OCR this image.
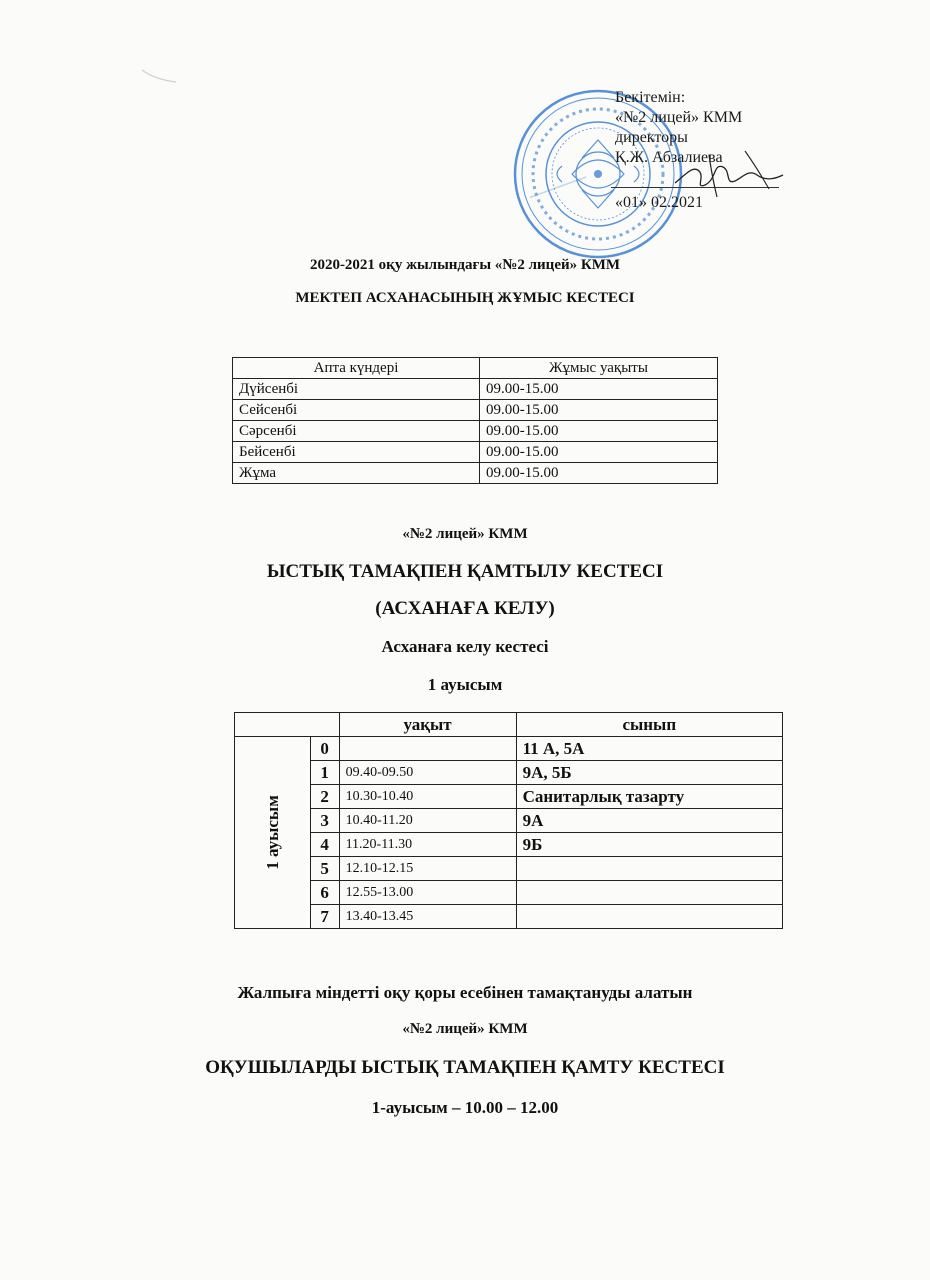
Бекітемін:
«№2 лицей» КММ
директоры
Қ.Ж. Абзалиева
«01» 02.2021
2020-2021 оқу жылындағы «№2 лицей» КММ
МЕКТЕП АСХАНАСЫНЫҢ ЖҰМЫС КЕСТЕСІ
Апта күндері	Жұмыс уақыты
Дүйсенбі	09.00-15.00
Сейсенбі	09.00-15.00
Сәрсенбі	09.00-15.00
Бейсенбі	09.00-15.00
Жұма	09.00-15.00
«№2 лицей» КММ
ЫСТЫҚ ТАМАҚПЕН ҚАМТЫЛУ КЕСТЕСІ
(АСХАНАҒА КЕЛУ)
Асханаға келу кестесі
1 ауысым
		уақыт	сынып
1 ауысым	0		11 А, 5А
	1	09.40-09.50	9А, 5Б
	2	10.30-10.40	Санитарлық тазарту
	3	10.40-11.20	9А
	4	11.20-11.30	9Б
	5	12.10-12.15	
	6	12.55-13.00	
	7	13.40-13.45	
Жалпыға міндетті оқу қоры есебінен тамақтануды алатын
«№2 лицей» КММ
ОҚУШЫЛАРДЫ ЫСТЫҚ ТАМАҚПЕН ҚАМТУ КЕСТЕСІ
1-ауысым – 10.00 – 12.00
